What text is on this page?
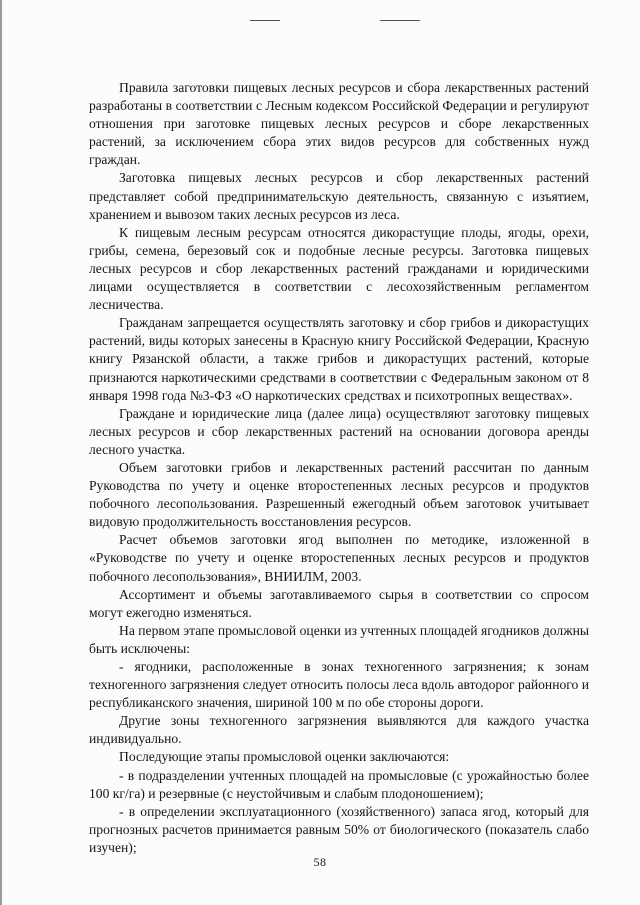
Правила заготовки пищевых лесных ресурсов и сбора лекарственных растений разработаны в соответствии с Лесным кодексом Российской Федерации и регулируют отношения при заготовке пищевых лесных ресурсов и сборе лекарственных растений, за исключением сбора этих видов ресурсов для собственных нужд граждан.

Заготовка пищевых лесных ресурсов и сбор лекарственных растений представляет собой предпринимательскую деятельность, связанную с изъятием, хранением и вывозом таких лесных ресурсов из леса.

К пищевым лесным ресурсам относятся дикорастущие плоды, ягоды, орехи, грибы, семена, березовый сок и подобные лесные ресурсы. Заготовка пищевых лесных ресурсов и сбор лекарственных растений гражданами и юридическими лицами осуществляется в соответствии с лесохозяйственным регламентом лесничества.

Гражданам запрещается осуществлять заготовку и сбор грибов и дикорастущих растений, виды которых занесены в Красную книгу Российской Федерации, Красную книгу Рязанской области, а также грибов и дикорастущих растений, которые признаются наркотическими средствами в соответствии с Федеральным законом от 8 января 1998 года №3-ФЗ «О наркотических средствах и психотропных веществах».

Граждане и юридические лица (далее лица) осуществляют заготовку пищевых лесных ресурсов и сбор лекарственных растений на основании договора аренды лесного участка.

Объем заготовки грибов и лекарственных растений рассчитан по данным Руководства по учету и оценке второстепенных лесных ресурсов и продуктов побочного лесопользования. Разрешенный ежегодный объем заготовок учитывает видовую продолжительность восстановления ресурсов.

Расчет объемов заготовки ягод выполнен по методике, изложенной в «Руководстве по учету и оценке второстепенных лесных ресурсов и продуктов побочного лесопользования», ВНИИЛМ, 2003.

Ассортимент и объемы заготавливаемого сырья в соответствии со спросом могут ежегодно изменяться.

На первом этапе промысловой оценки из учтенных площадей ягодников должны быть исключены:

- ягодники, расположенные в зонах техногенного загрязнения; к зонам техногенного загрязнения следует относить полосы леса вдоль автодорог районного и республиканского значения, шириной 100 м по обе стороны дороги.

Другие зоны техногенного загрязнения выявляются для каждого участка индивидуально.

Последующие этапы промысловой оценки заключаются:

- в подразделении учтенных площадей на промысловые (с урожайностью более 100 кг/га) и резервные (с неустойчивым и слабым плодоношением);

- в определении эксплуатационного (хозяйственного) запаса ягод, который для прогнозных расчетов принимается равным 50% от биологического (показатель слабо изучен);

58
